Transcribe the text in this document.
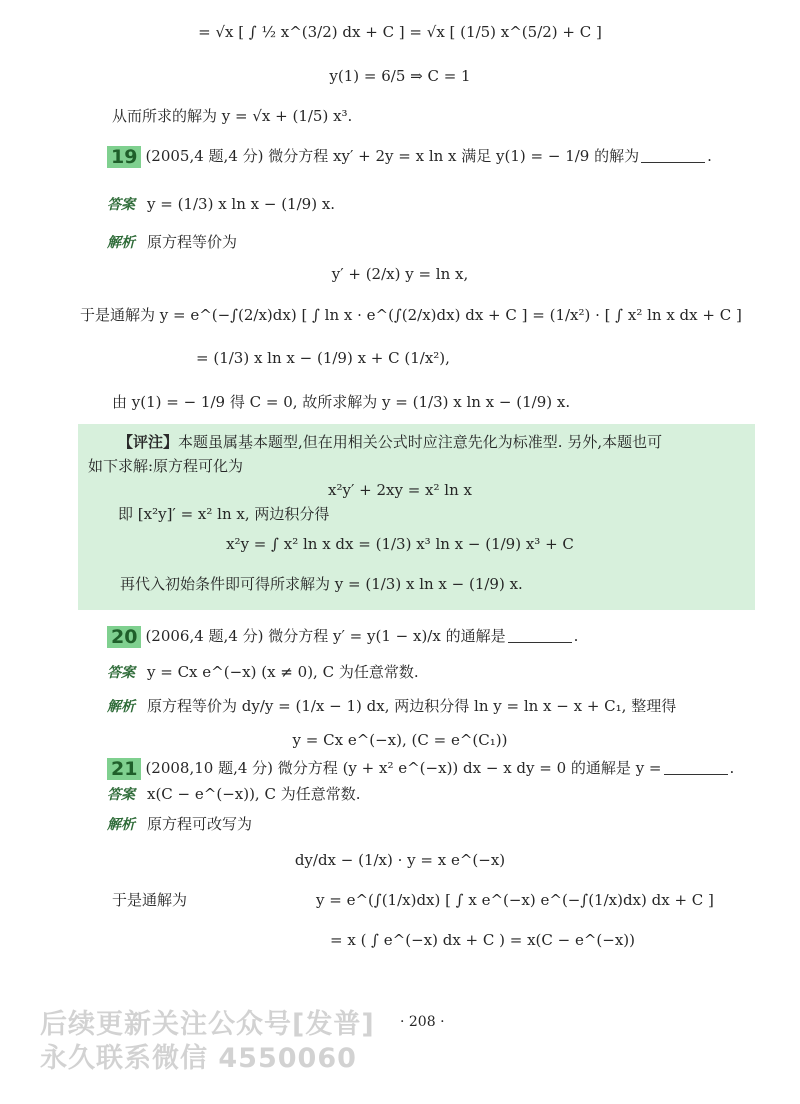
= √x [ ∫ ½ x^(3/2) dx + C ] = √x [ (1/5) x^(5/2) + C ]
y(1) = 6/5 ⇒ C = 1
从而所求的解为 y = √x + (1/5) x³.
19 (2005,4 题,4 分) 微分方程 xy′ + 2y = x ln x 满足 y(1) = − 1/9 的解为	.
答案 y = (1/3) x ln x − (1/9) x.
解析 原方程等价为
y′ + (2/x) y = ln x,
于是通解为 y = e^(−∫(2/x)dx) [ ∫ ln x · e^(∫(2/x)dx) dx + C ] = (1/x²) · [ ∫ x² ln x dx + C ]
= (1/3) x ln x − (1/9) x + C (1/x²),
由 y(1) = − 1/9 得 C = 0, 故所求解为 y = (1/3) x ln x − (1/9) x.
【评注】本题虽属基本题型,但在用相关公式时应注意先化为标准型. 另外,本题也可
如下求解:原方程可化为
x²y′ + 2xy = x² ln x
即 [x²y]′ = x² ln x, 两边积分得
x²y = ∫ x² ln x dx = (1/3) x³ ln x − (1/9) x³ + C
再代入初始条件即可得所求解为 y = (1/3) x ln x − (1/9) x.
20 (2006,4 题,4 分) 微分方程 y′ = y(1 − x)/x 的通解是	.
答案 y = Cx e^(−x) (x ≠ 0), C 为任意常数.
解析 原方程等价为 dy/y = (1/x − 1) dx, 两边积分得 ln y = ln x − x + C₁, 整理得
y = Cx e^(−x), (C = e^(C₁))
21 (2008,10 题,4 分) 微分方程 (y + x² e^(−x)) dx − x dy = 0 的通解是 y =	.
答案 x(C − e^(−x)), C 为任意常数.
解析 原方程可改写为
dy/dx − (1/x) · y = x e^(−x)
于是通解为	y = e^(∫(1/x)dx) [ ∫ x e^(−x) e^(−∫(1/x)dx) dx + C ]
= x ( ∫ e^(−x) dx + C ) = x(C − e^(−x))
后续更新关注公众号[发普]
永久联系微信 4550060
· 208 ·
